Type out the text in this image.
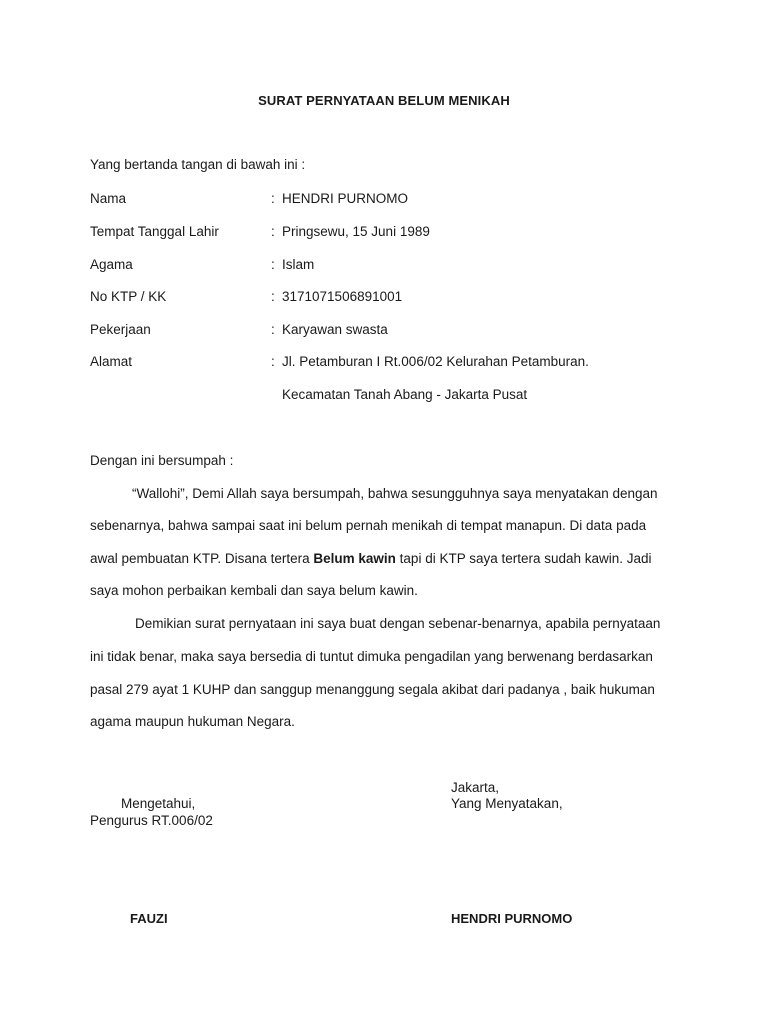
SURAT PERNYATAAN BELUM MENIKAH
Yang bertanda tangan di bawah ini :
Nama	: HENDRI PURNOMO
Tempat Tanggal Lahir	: Pringsewu, 15 Juni 1989
Agama	: Islam
No KTP / KK	: 3171071506891001
Pekerjaan	: Karyawan swasta
Alamat	: Jl. Petamburan I Rt.006/02 Kelurahan Petamburan.
Kecamatan Tanah Abang - Jakarta Pusat
Dengan ini bersumpah :
“Wallohi”, Demi Allah saya bersumpah, bahwa sesungguhnya saya menyatakan dengan
sebenarnya, bahwa sampai saat ini belum pernah menikah di tempat manapun. Di data pada
awal pembuatan KTP. Disana tertera Belum kawin tapi di KTP saya tertera sudah kawin. Jadi
saya mohon perbaikan kembali dan saya belum kawin.
Demikian surat pernyataan ini saya buat dengan sebenar-benarnya, apabila pernyataan
ini tidak benar, maka saya bersedia di tuntut dimuka pengadilan yang berwenang berdasarkan
pasal 279 ayat 1 KUHP dan sanggup menanggung segala akibat dari padanya , baik hukuman
agama maupun hukuman Negara.
Mengetahui,
Pengurus RT.006/02
Jakarta,
Yang Menyatakan,
FAUZI	HENDRI PURNOMO
